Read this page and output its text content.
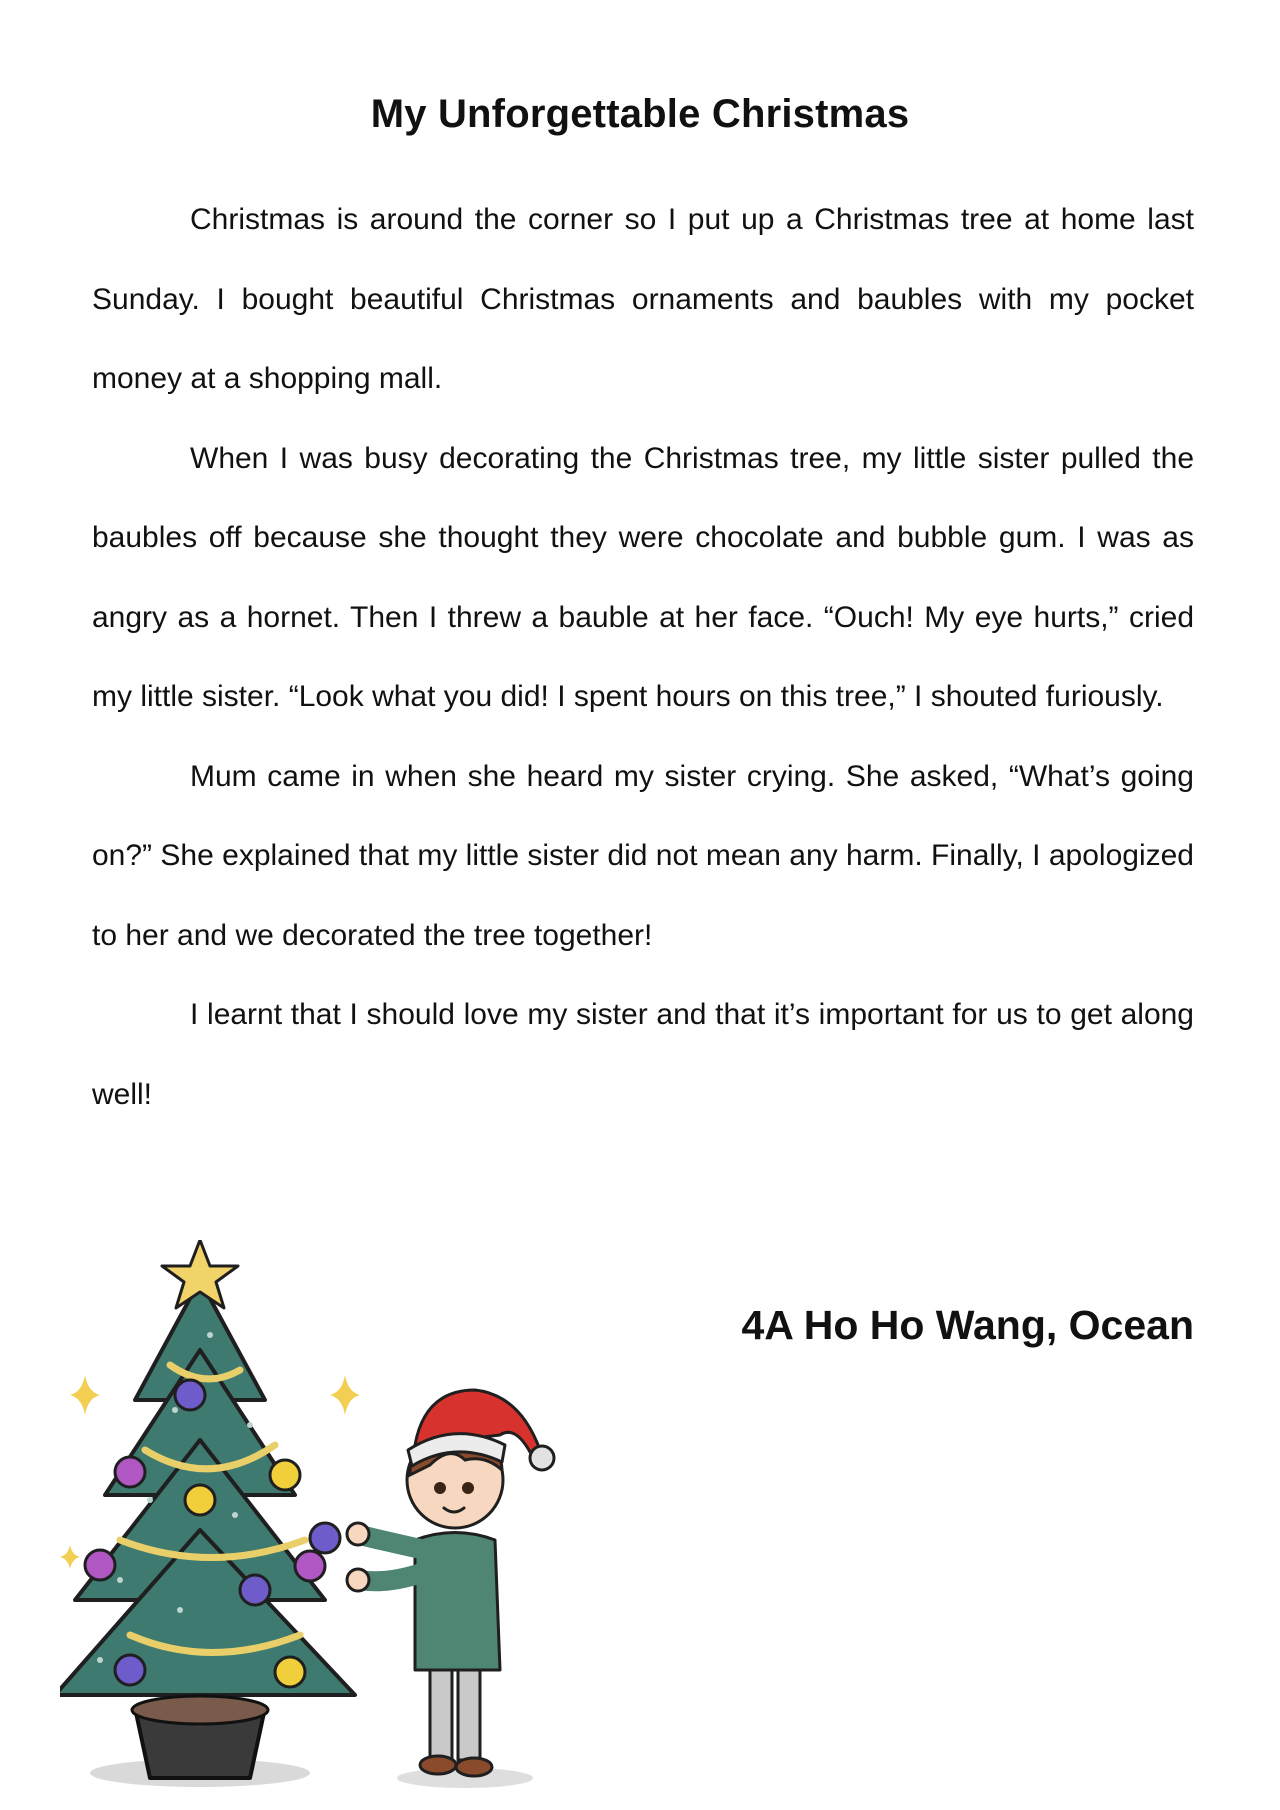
My Unforgettable Christmas

Christmas is around the corner so I put up a Christmas tree at home last Sunday. I bought beautiful Christmas ornaments and baubles with my pocket money at a shopping mall.

When I was busy decorating the Christmas tree, my little sister pulled the baubles off because she thought they were chocolate and bubble gum. I was as angry as a hornet. Then I threw a bauble at her face. “Ouch! My eye hurts,” cried my little sister. “Look what you did! I spent hours on this tree,” I shouted furiously.

Mum came in when she heard my sister crying. She asked, “What’s going on?” She explained that my little sister did not mean any harm. Finally, I apologized to her and we decorated the tree together!

I learnt that I should love my sister and that it’s important for us to get along well!

4A Ho Ho Wang, Ocean
